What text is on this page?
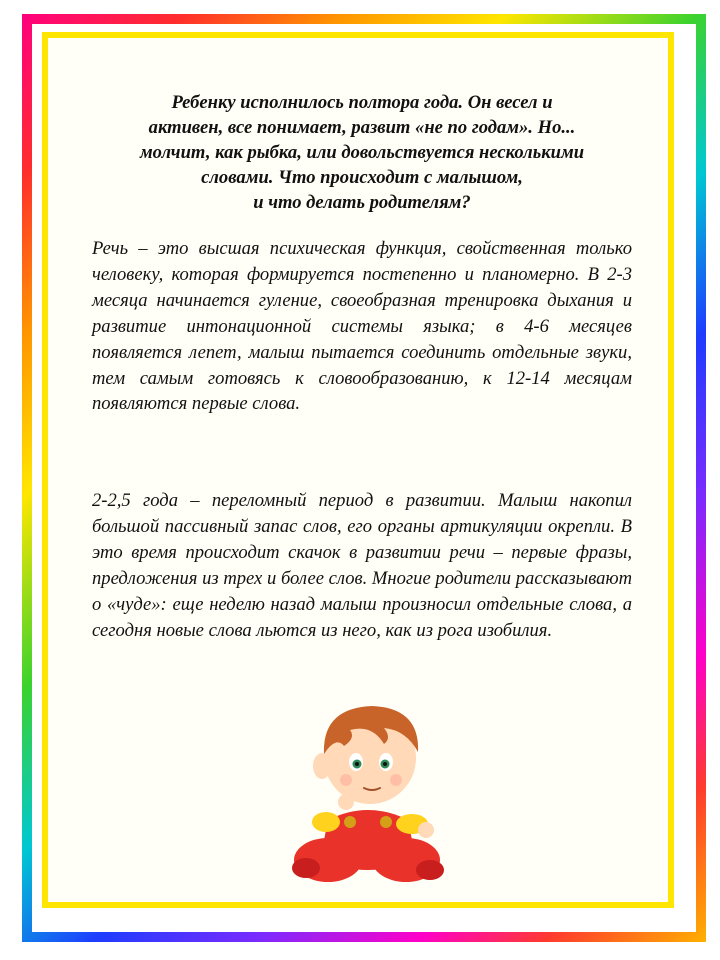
Ребенку исполнилось полтора года. Он весел и
активен, все понимает, развит «не по годам». Но...
молчит, как рыбка, или довольствуется несколькими
словами. Что происходит с малышом,
и что делать родителям?

Речь – это высшая психическая функция, свойственная только человеку, которая формируется постепенно и планомерно. В 2-3 месяца начинается гуление, своеобразная тренировка дыхания и развитие интонационной системы языка; в 4-6 месяцев появляется лепет, малыш пытается соединить отдельные звуки, тем самым готовясь к словообразованию, к 12-14 месяцам появляются первые слова.

2-2,5 года – переломный период в развитии. Малыш накопил большой пассивный запас слов, его органы артикуляции окрепли. В это время происходит скачок в развитии речи – первые фразы, предложения из трех и более слов. Многие родители рассказывают о «чуде»: еще неделю назад малыш произносил отдельные слова, а сегодня новые слова льются из него, как из рога изобилия.
